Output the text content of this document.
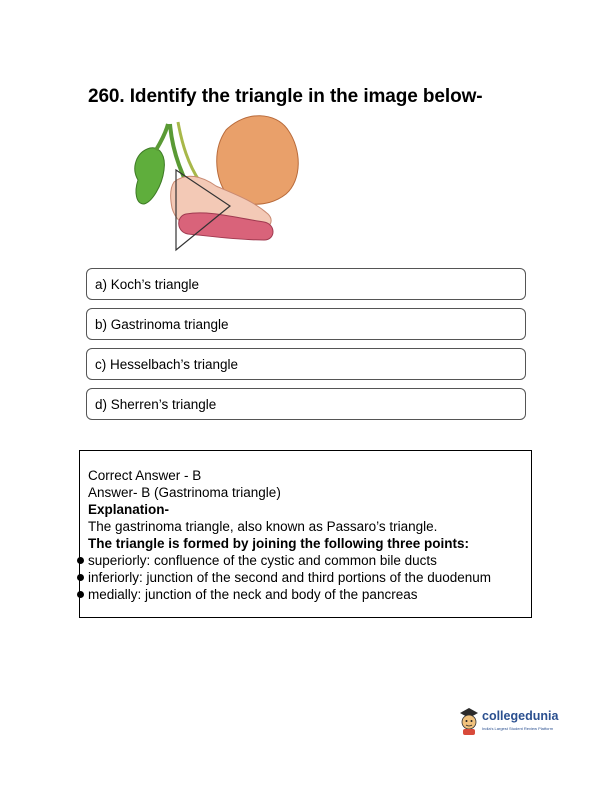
260. Identify the triangle in the image below-
a) Koch’s triangle
b) Gastrinoma triangle
c) Hesselbach’s triangle
d) Sherren’s triangle
Correct Answer - B
Answer- B (Gastrinoma triangle)
Explanation-
The gastrinoma triangle, also known as Passaro’s triangle.
The triangle is formed by joining the following three points:
superiorly: confluence of the cystic and common bile ducts
inferiorly: junction of the second and third portions of the duodenum
medially: junction of the neck and body of the pancreas
collegedunia
India's Largest Student Review Platform
